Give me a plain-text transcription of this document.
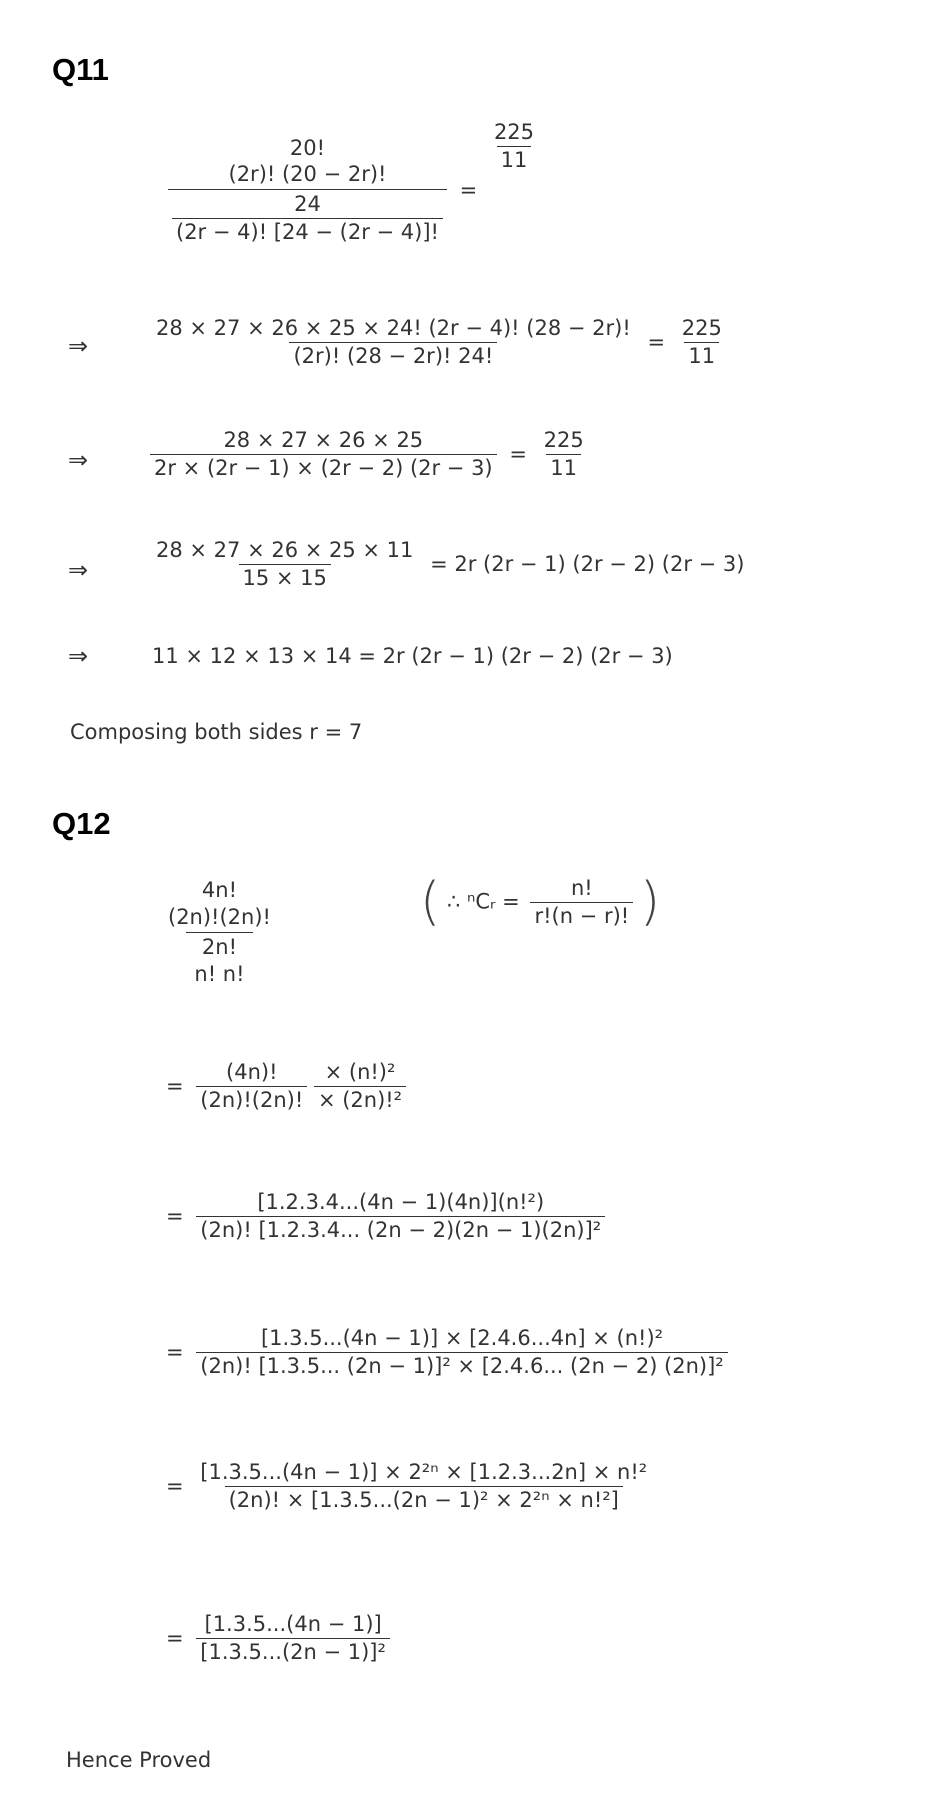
Q11
20!
(2r)! (20 − 2r)!
$\frac{24}{(2r - 4)! [24 - (2r - 4)]!}$ =
$\frac{225}{11}$
⇒	$\frac{28 \times 27 \times 26 \times 25 \times 24! (2r - 4)! (28 - 2r)!}{(2r)! (28 - 2r)! 24!} = \frac{225}{11}$
⇒	$\frac{28 \times 27 \times 26 \times 25}{2r \times (2r - 1) \times (2r - 2) (2r - 3)} = \frac{225}{11}$
⇒	$\frac{28 \times 27 \times 26 \times 25 \times 11}{15 \times 15} = 2r$ (2r − 1) (2r − 2) (2r − 3)
⇒	11 × 12 × 13 × 14 = 2r (2r − 1) (2r − 2) (2r − 3)
Composing both sides r = 7
Q12
4n!
(2n)!(2n)!
2n!
n! n!	( ∴ ⁿCᵣ = $\frac{n!}{r!(n - r)!}$ )
= $\frac{(4n)!}{(2n)!(2n)!}$
$\frac{\text{× (n!)²}}{\text{× (2n)!²}}$
= $\frac{\text{[1.2.3.4...(4n − 1)(4n)](n!²)}}{\text{(2n)! [1.2.3.4... (2n − 2)(2n − 1)(2n)]²}}$
= $\frac{\text{[1.3.5...(4n − 1)] × [2.4.6...4n] × (n!)²}}{\text{(2n)! [1.3.5... (2n − 1)]² × [2.4.6... (2n − 2) (2n)]²}}$
= $\frac{\text{[1.3.5...(4n − 1)] × 2²ⁿ × [1.2.3...2n] × n!²}}{\text{(2n)! × [1.3.5...(2n − 1)² × 2²ⁿ × n!²]}}$
= $\frac{[1.3.5...(4n - 1)]}{\text{[1.3.5...(2n − 1)]²}}$
Hence Proved
